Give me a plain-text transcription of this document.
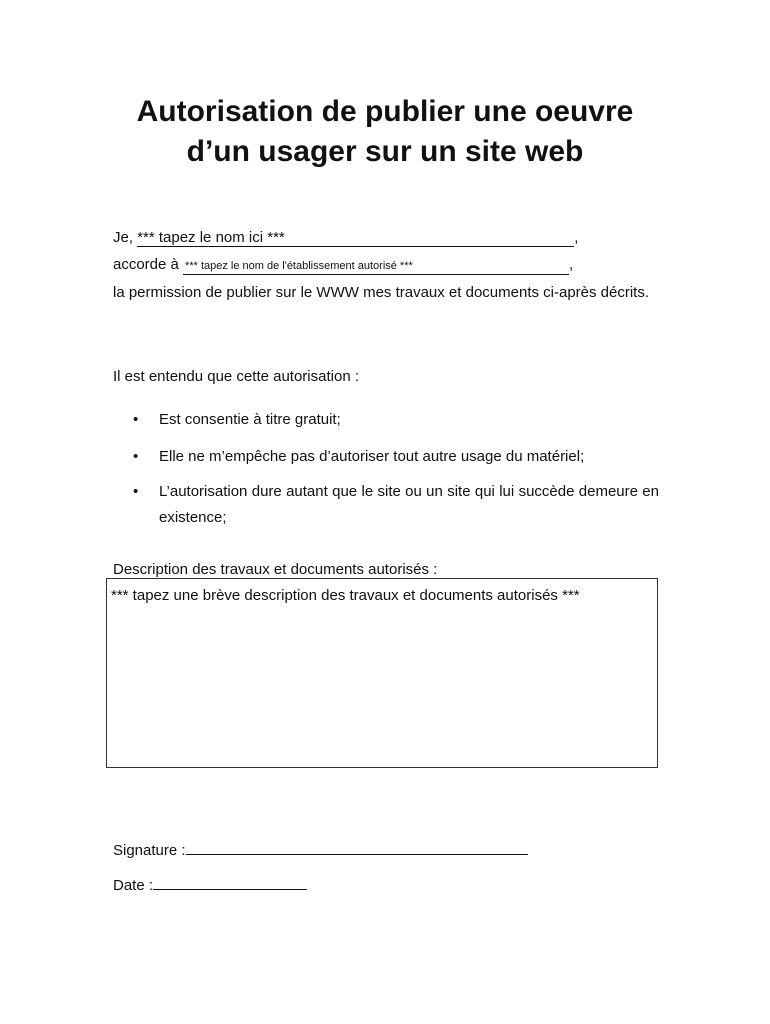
Autorisation de publier une oeuvre
d’un usager sur un site web
Je, *** tapez le nom ici ***	,
accorde à *** tapez le nom de l'établissement autorisé ***	,
la permission de publier sur le WWW mes travaux et documents ci-après décrits.
Il est entendu que cette autorisation :
• Est consentie à titre gratuit;
• Elle ne m’empêche pas d’autoriser tout autre usage du matériel;
• L’autorisation dure autant que le site ou un site qui lui succède demeure en existence;
Description des travaux et documents autorisés :
*** tapez une brève description des travaux et documents autorisés ***
Signature :
Date :
